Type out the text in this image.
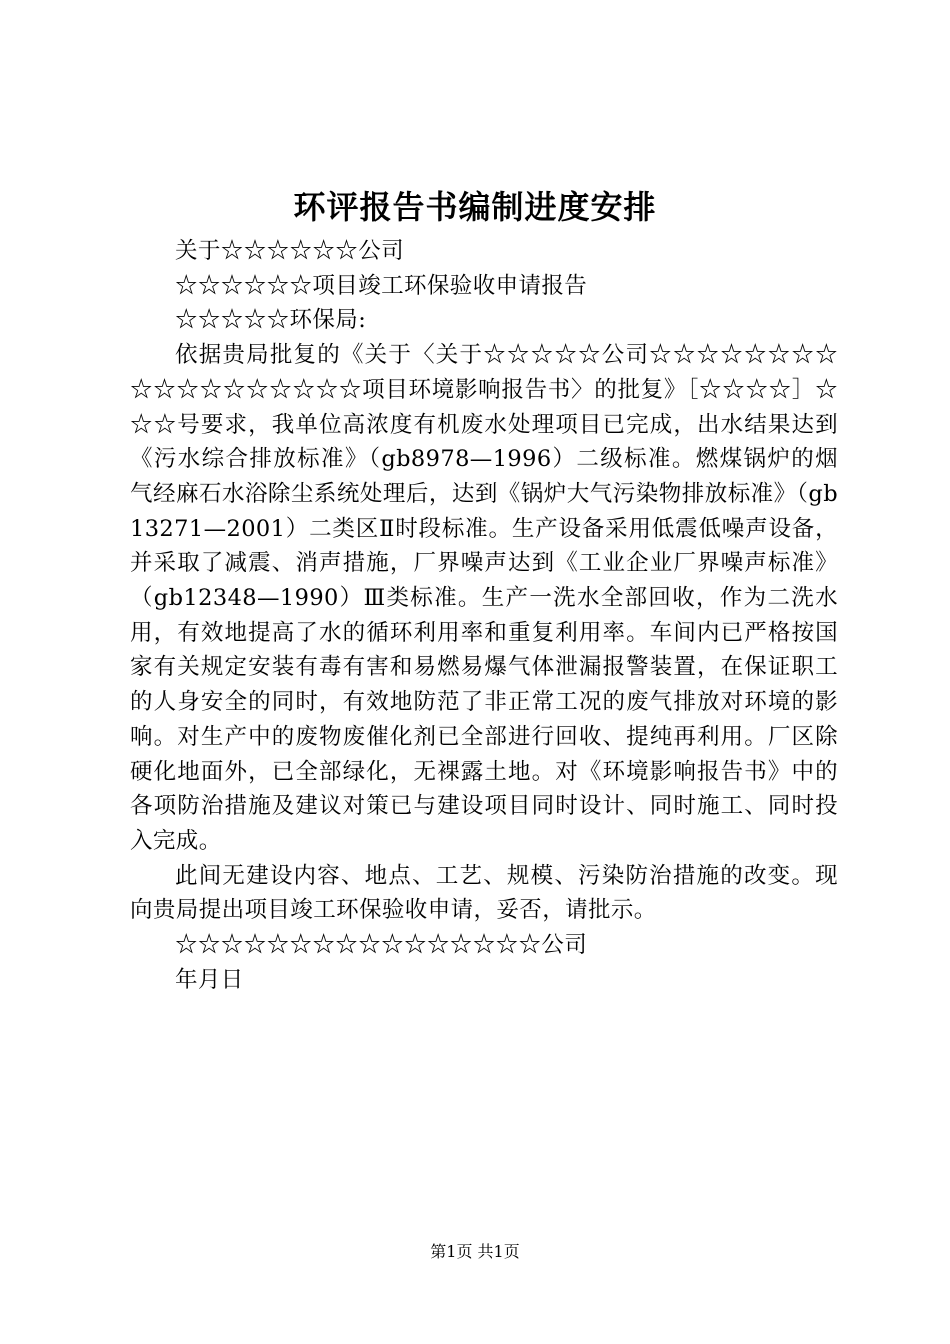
环评报告书编制进度安排

关于☆☆☆☆☆☆公司

☆☆☆☆☆☆项目竣工环保验收申请报告

☆☆☆☆☆环保局:

依据贵局批复的《关于〈关于☆☆☆☆☆公司☆☆☆☆☆☆☆☆☆☆☆☆☆☆☆☆☆☆项目环境影响报告书〉的批复》［☆☆☆☆］☆☆☆号要求，我单位高浓度有机废水处理项目已完成，出水结果达到《污水综合排放标准》（gb8978—1996）二级标准。燃煤锅炉的烟气经麻石水浴除尘系统处理后，达到《锅炉大气污染物排放标准》（gb13271—2001）二类区Ⅱ时段标准。生产设备采用低震低噪声设备，并采取了减震、消声措施，厂界噪声达到《工业企业厂界噪声标准》（gb12348—1990）Ⅲ类标准。生产一洗水全部回收，作为二洗水用，有效地提高了水的循环利用率和重复利用率。车间内已严格按国家有关规定安装有毒有害和易燃易爆气体泄漏报警装置，在保证职工的人身安全的同时，有效地防范了非正常工况的废气排放对环境的影响。对生产中的废物废催化剂已全部进行回收、提纯再利用。厂区除硬化地面外，已全部绿化，无裸露土地。对《环境影响报告书》中的各项防治措施及建议对策已与建设项目同时设计、同时施工、同时投入完成。

此间无建设内容、地点、工艺、规模、污染防治措施的改变。现向贵局提出项目竣工环保验收申请，妥否，请批示。

☆☆☆☆☆☆☆☆☆☆☆☆☆☆☆☆公司

年月日

第1页 共1页
